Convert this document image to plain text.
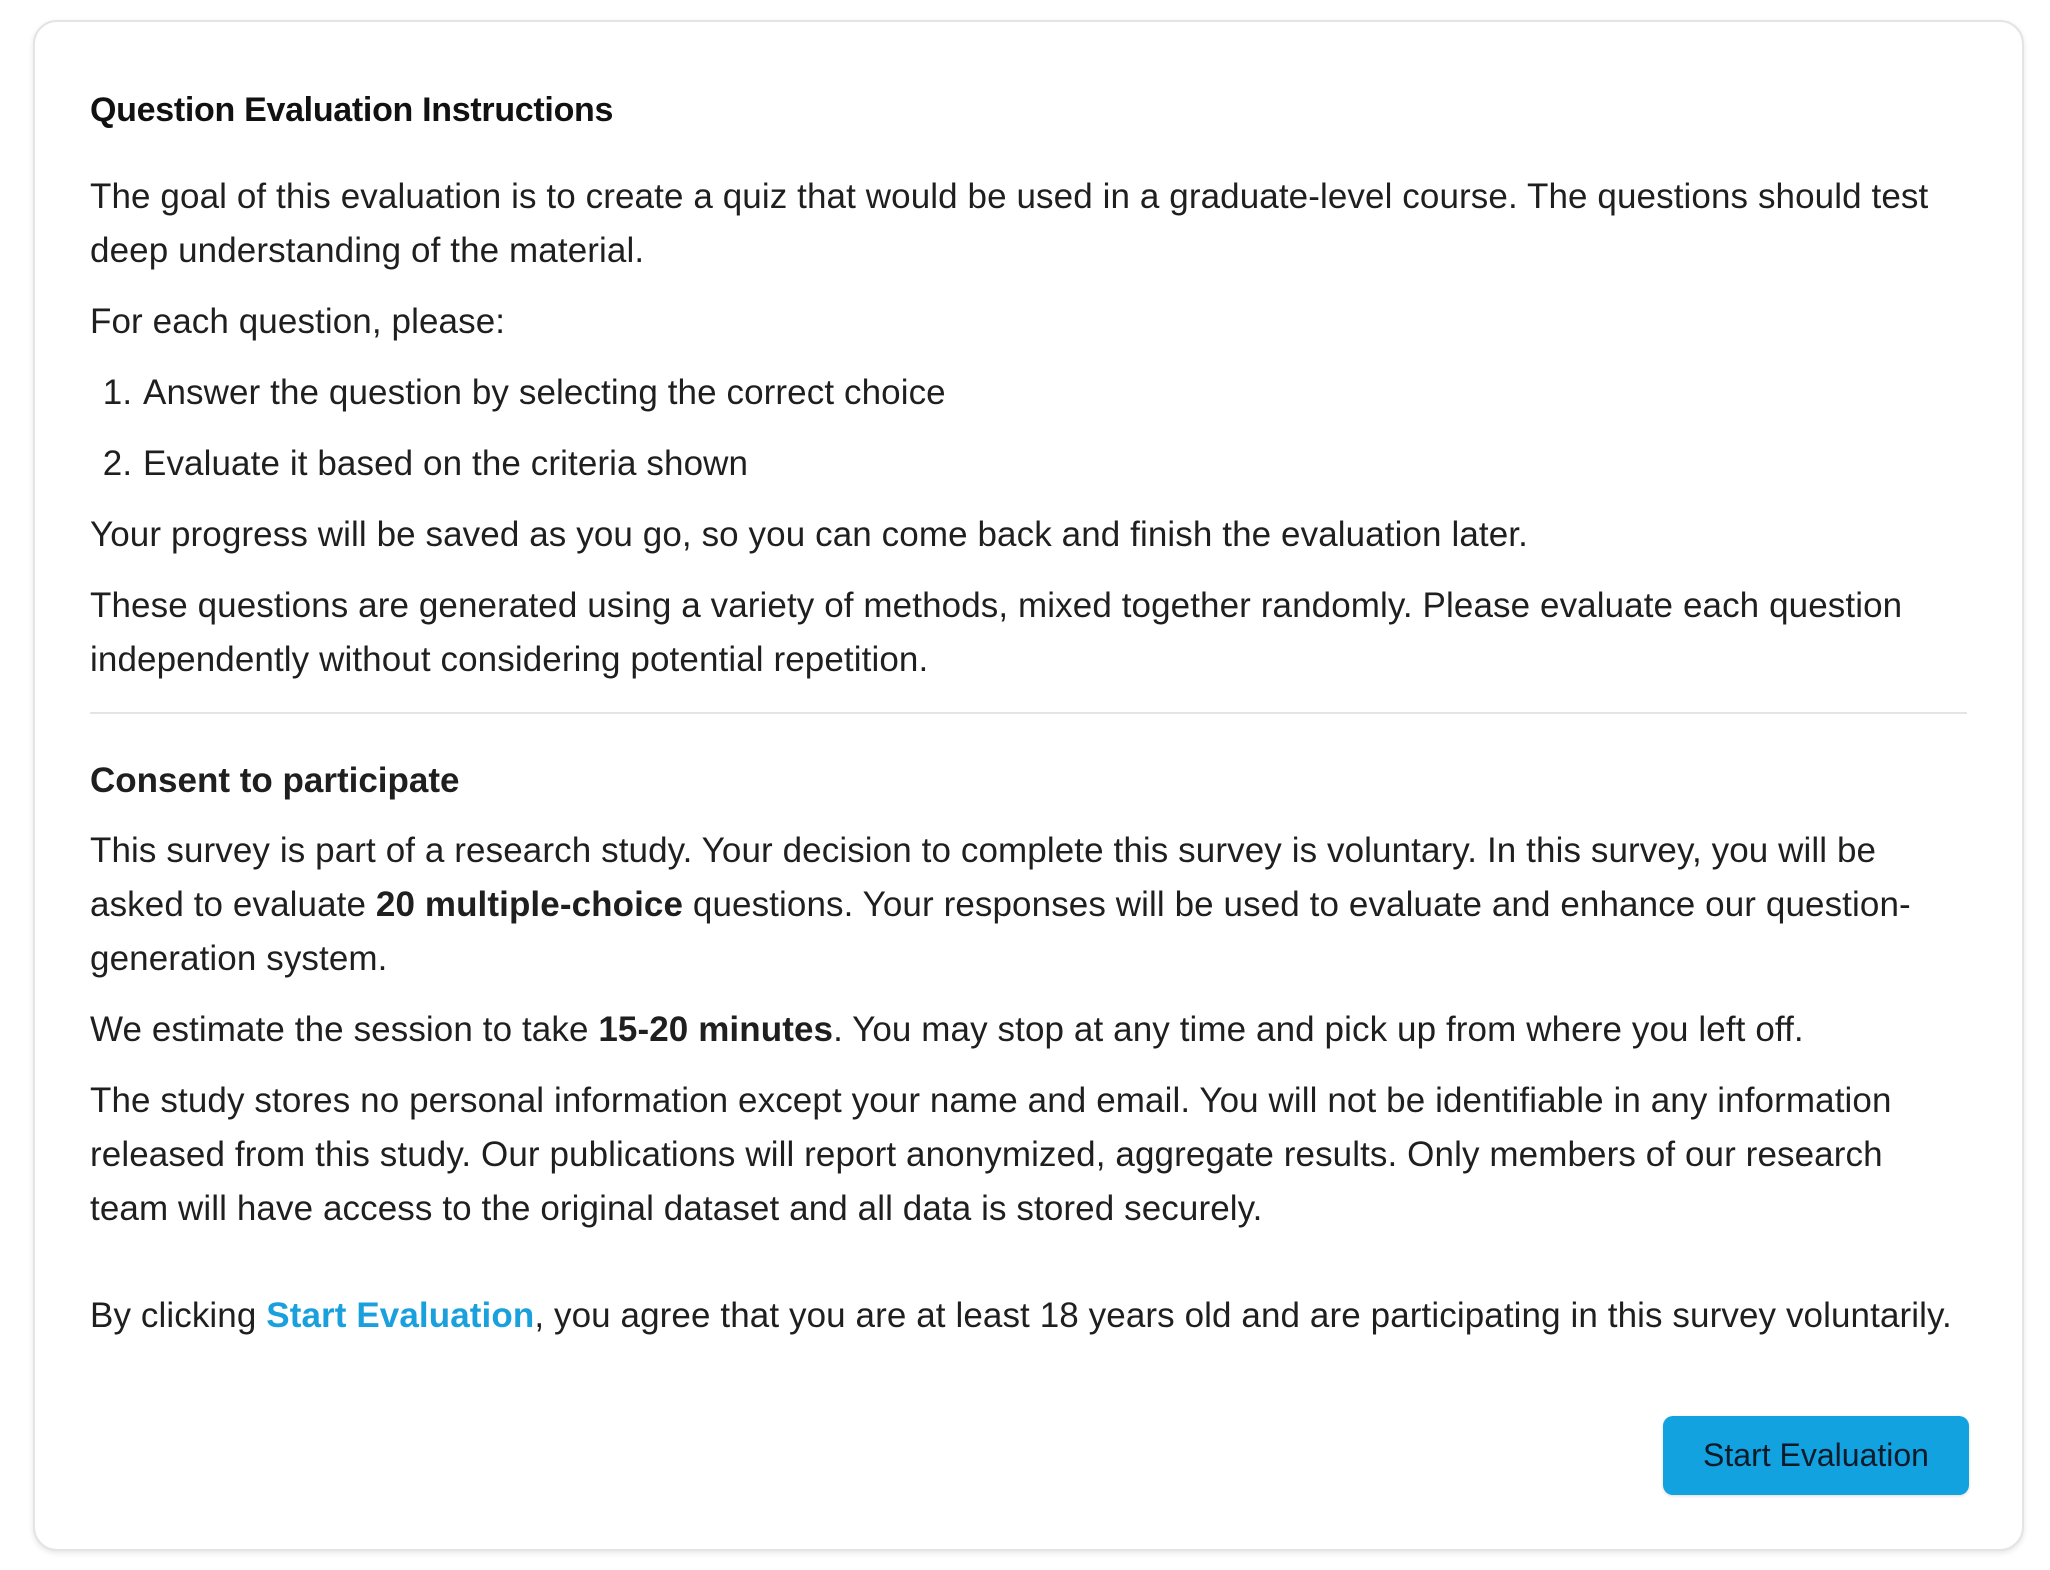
Question Evaluation Instructions

The goal of this evaluation is to create a quiz that would be used in a graduate-level course. The questions should test deep understanding of the material.

For each question, please:

1. Answer the question by selecting the correct choice
2. Evaluate it based on the criteria shown

Your progress will be saved as you go, so you can come back and finish the evaluation later.

These questions are generated using a variety of methods, mixed together randomly. Please evaluate each question independently without considering potential repetition.

Consent to participate

This survey is part of a research study. Your decision to complete this survey is voluntary. In this survey, you will be asked to evaluate 20 multiple-choice questions. Your responses will be used to evaluate and enhance our question-generation system.

We estimate the session to take 15-20 minutes. You may stop at any time and pick up from where you left off.

The study stores no personal information except your name and email. You will not be identifiable in any information released from this study. Our publications will report anonymized, aggregate results. Only members of our research team will have access to the original dataset and all data is stored securely.

By clicking Start Evaluation, you agree that you are at least 18 years old and are participating in this survey voluntarily.

Start Evaluation
